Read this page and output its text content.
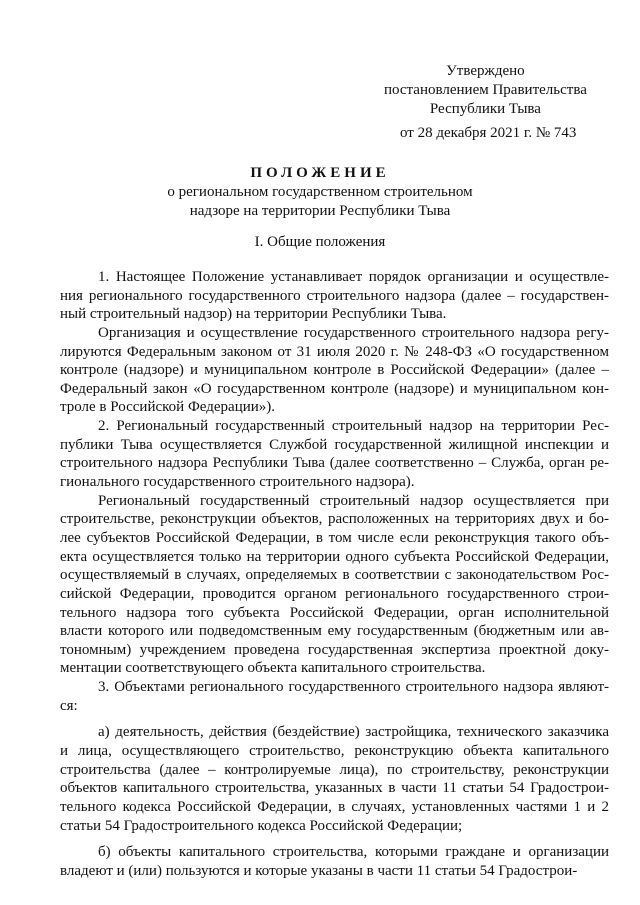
Утверждено
постановлением Правительства
Республики Тыва
от 28 декабря 2021 г. № 743
ПОЛОЖЕНИЕ
о региональном государственном строительном
надзоре на территории Республики Тыва
I. Общие положения
1. Настоящее Положение устанавливает порядок организации и осуществле-
ния регионального государственного строительного надзора (далее – государствен-
ный строительный надзор) на территории Республики Тыва.
Организация и осуществление государственного строительного надзора регу-
лируются Федеральным законом от 31 июля 2020 г. № 248-ФЗ «О государственном
контроле (надзоре) и муниципальном контроле в Российской Федерации» (далее –
Федеральный закон «О государственном контроле (надзоре) и муниципальном кон-
троле в Российской Федерации»).
2. Региональный государственный строительный надзор на территории Рес-
публики Тыва осуществляется Службой государственной жилищной инспекции и
строительного надзора Республики Тыва (далее соответственно – Служба, орган ре-
гионального государственного строительного надзора).
Региональный государственный строительный надзор осуществляется при
строительстве, реконструкции объектов, расположенных на территориях двух и бо-
лее субъектов Российской Федерации, в том числе если реконструкция такого объ-
екта осуществляется только на территории одного субъекта Российской Федерации,
осуществляемый в случаях, определяемых в соответствии с законодательством Рос-
сийской Федерации, проводится органом регионального государственного строи-
тельного надзора того субъекта Российской Федерации, орган исполнительной
власти которого или подведомственным ему государственным (бюджетным или ав-
тономным) учреждением проведена государственная экспертиза проектной доку-
ментации соответствующего объекта капитального строительства.
3. Объектами регионального государственного строительного надзора являют-
ся:
а) деятельность, действия (бездействие) застройщика, технического заказчика
и лица, осуществляющего строительство, реконструкцию объекта капитального
строительства (далее – контролируемые лица), по строительству, реконструкции
объектов капитального строительства, указанных в части 11 статьи 54 Градострои-
тельного кодекса Российской Федерации, в случаях, установленных частями 1 и 2
статьи 54 Градостроительного кодекса Российской Федерации;
б) объекты капитального строительства, которыми граждане и организации
владеют и (или) пользуются и которые указаны в части 11 статьи 54 Градострои-
